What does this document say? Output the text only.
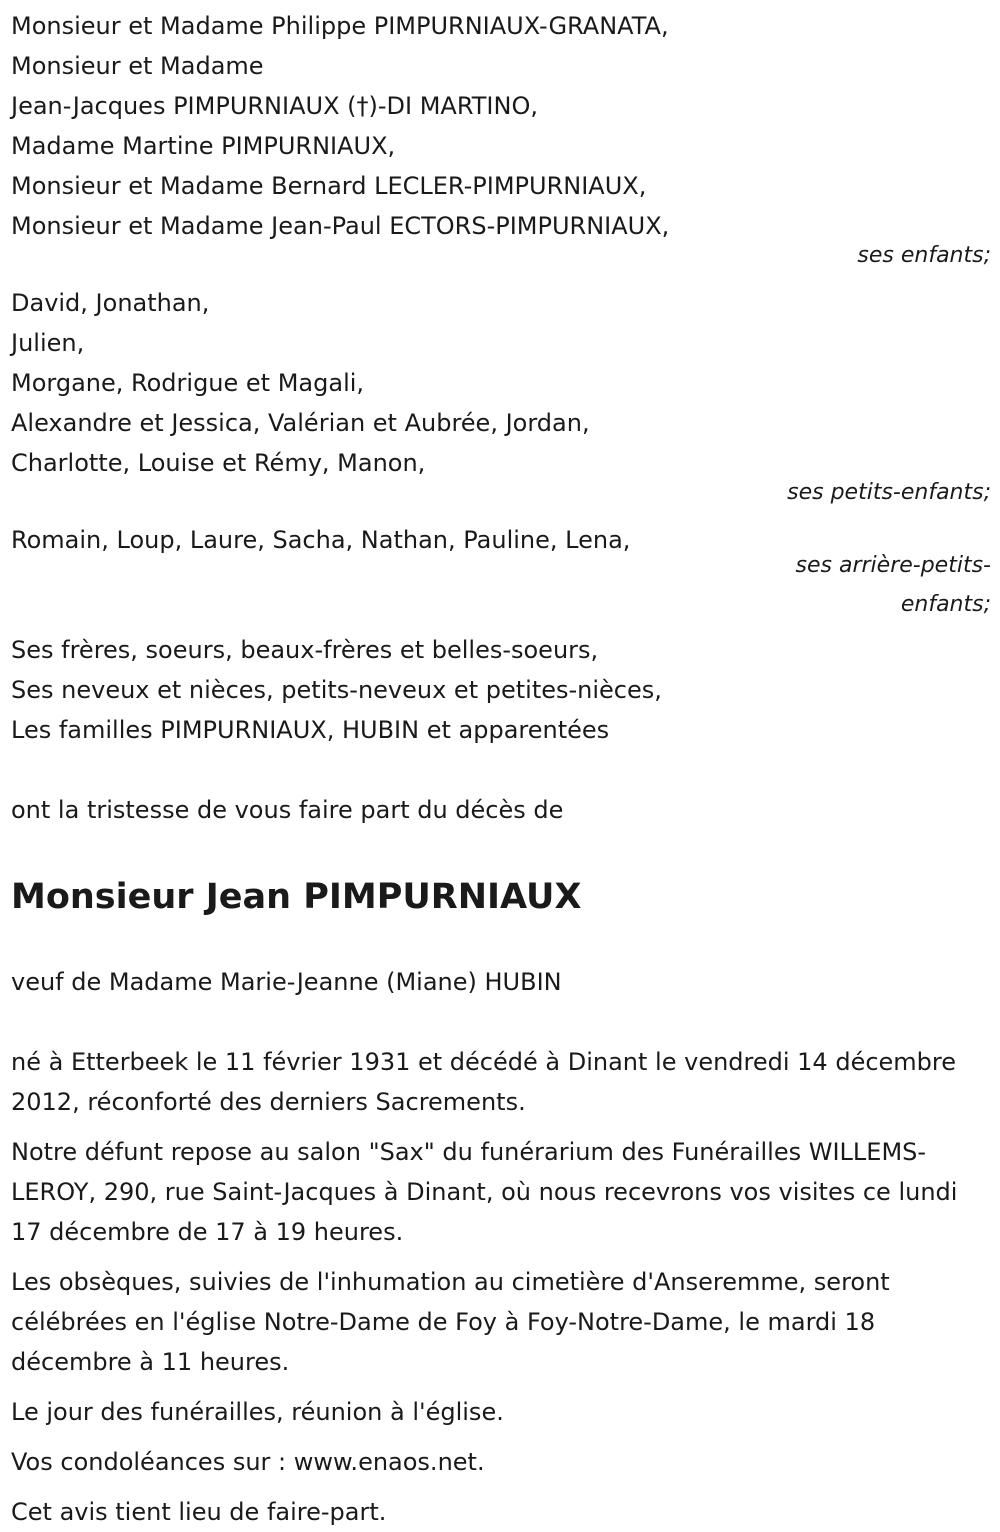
Monsieur et Madame Philippe PIMPURNIAUX-GRANATA,
Monsieur et Madame
Jean-Jacques PIMPURNIAUX (†)-DI MARTINO,
Madame Martine PIMPURNIAUX,
Monsieur et Madame Bernard LECLER-PIMPURNIAUX,
Monsieur et Madame Jean-Paul ECTORS-PIMPURNIAUX,
ses enfants;
David, Jonathan,
Julien,
Morgane, Rodrigue et Magali,
Alexandre et Jessica, Valérian et Aubrée, Jordan,
Charlotte, Louise et Rémy, Manon,
ses petits-enfants;
Romain, Loup, Laure, Sacha, Nathan, Pauline, Lena,
ses arrière-petits-enfants;
Ses frères, soeurs, beaux-frères et belles-soeurs,
Ses neveux et nièces, petits-neveux et petites-nièces,
Les familles PIMPURNIAUX, HUBIN et apparentées
ont la tristesse de vous faire part du décès de
Monsieur Jean PIMPURNIAUX
veuf de Madame Marie-Jeanne (Miane) HUBIN
né à Etterbeek le 11 février 1931 et décédé à Dinant le vendredi 14 décembre 2012, réconforté des derniers Sacrements.
Notre défunt repose au salon "Sax" du funérarium des Funérailles WILLEMS-LEROY, 290, rue Saint-Jacques à Dinant, où nous recevrons vos visites ce lundi 17 décembre de 17 à 19 heures.
Les obsèques, suivies de l'inhumation au cimetière d'Anseremme, seront célébrées en l'église Notre-Dame de Foy à Foy-Notre-Dame, le mardi 18 décembre à 11 heures.
Le jour des funérailles, réunion à l'église.
Vos condoléances sur : www.enaos.net.
Cet avis tient lieu de faire-part.
